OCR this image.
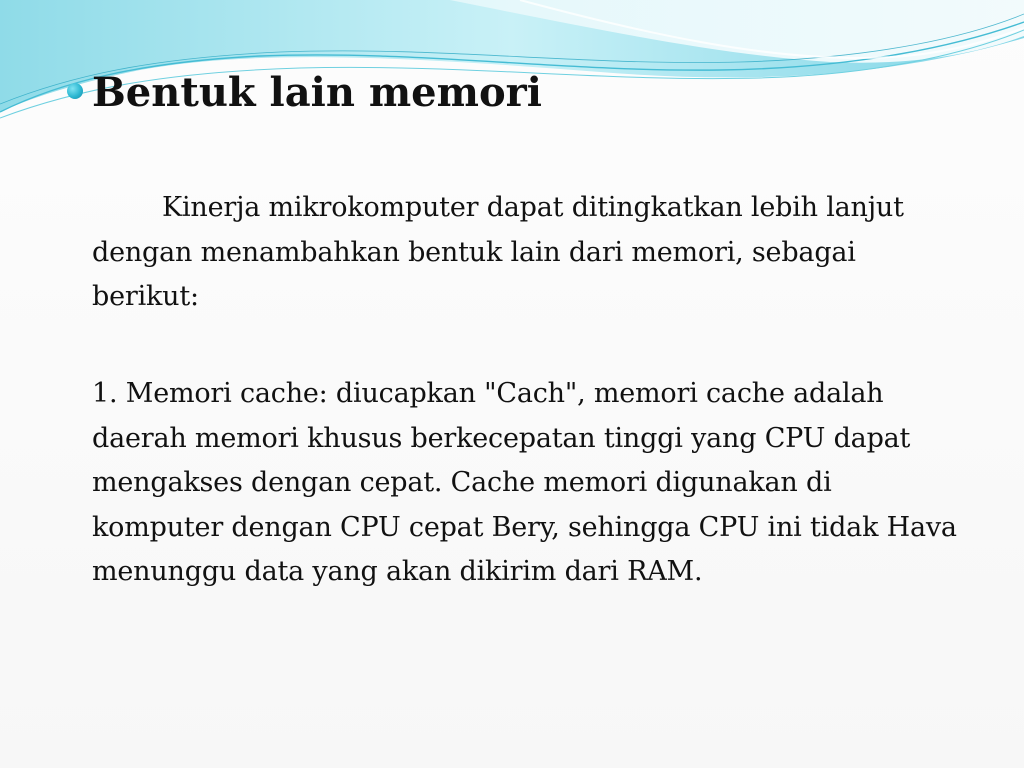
Bentuk lain memori

Kinerja mikrokomputer dapat ditingkatkan lebih lanjut dengan menambahkan bentuk lain dari memori, sebagai berikut:

1. Memori cache: diucapkan "Cach", memori cache adalah daerah memori khusus berkecepatan tinggi yang CPU dapat mengakses dengan cepat. Cache memori digunakan di komputer dengan CPU cepat Bery, sehingga CPU ini tidak Hava menunggu data yang akan dikirim dari RAM.
